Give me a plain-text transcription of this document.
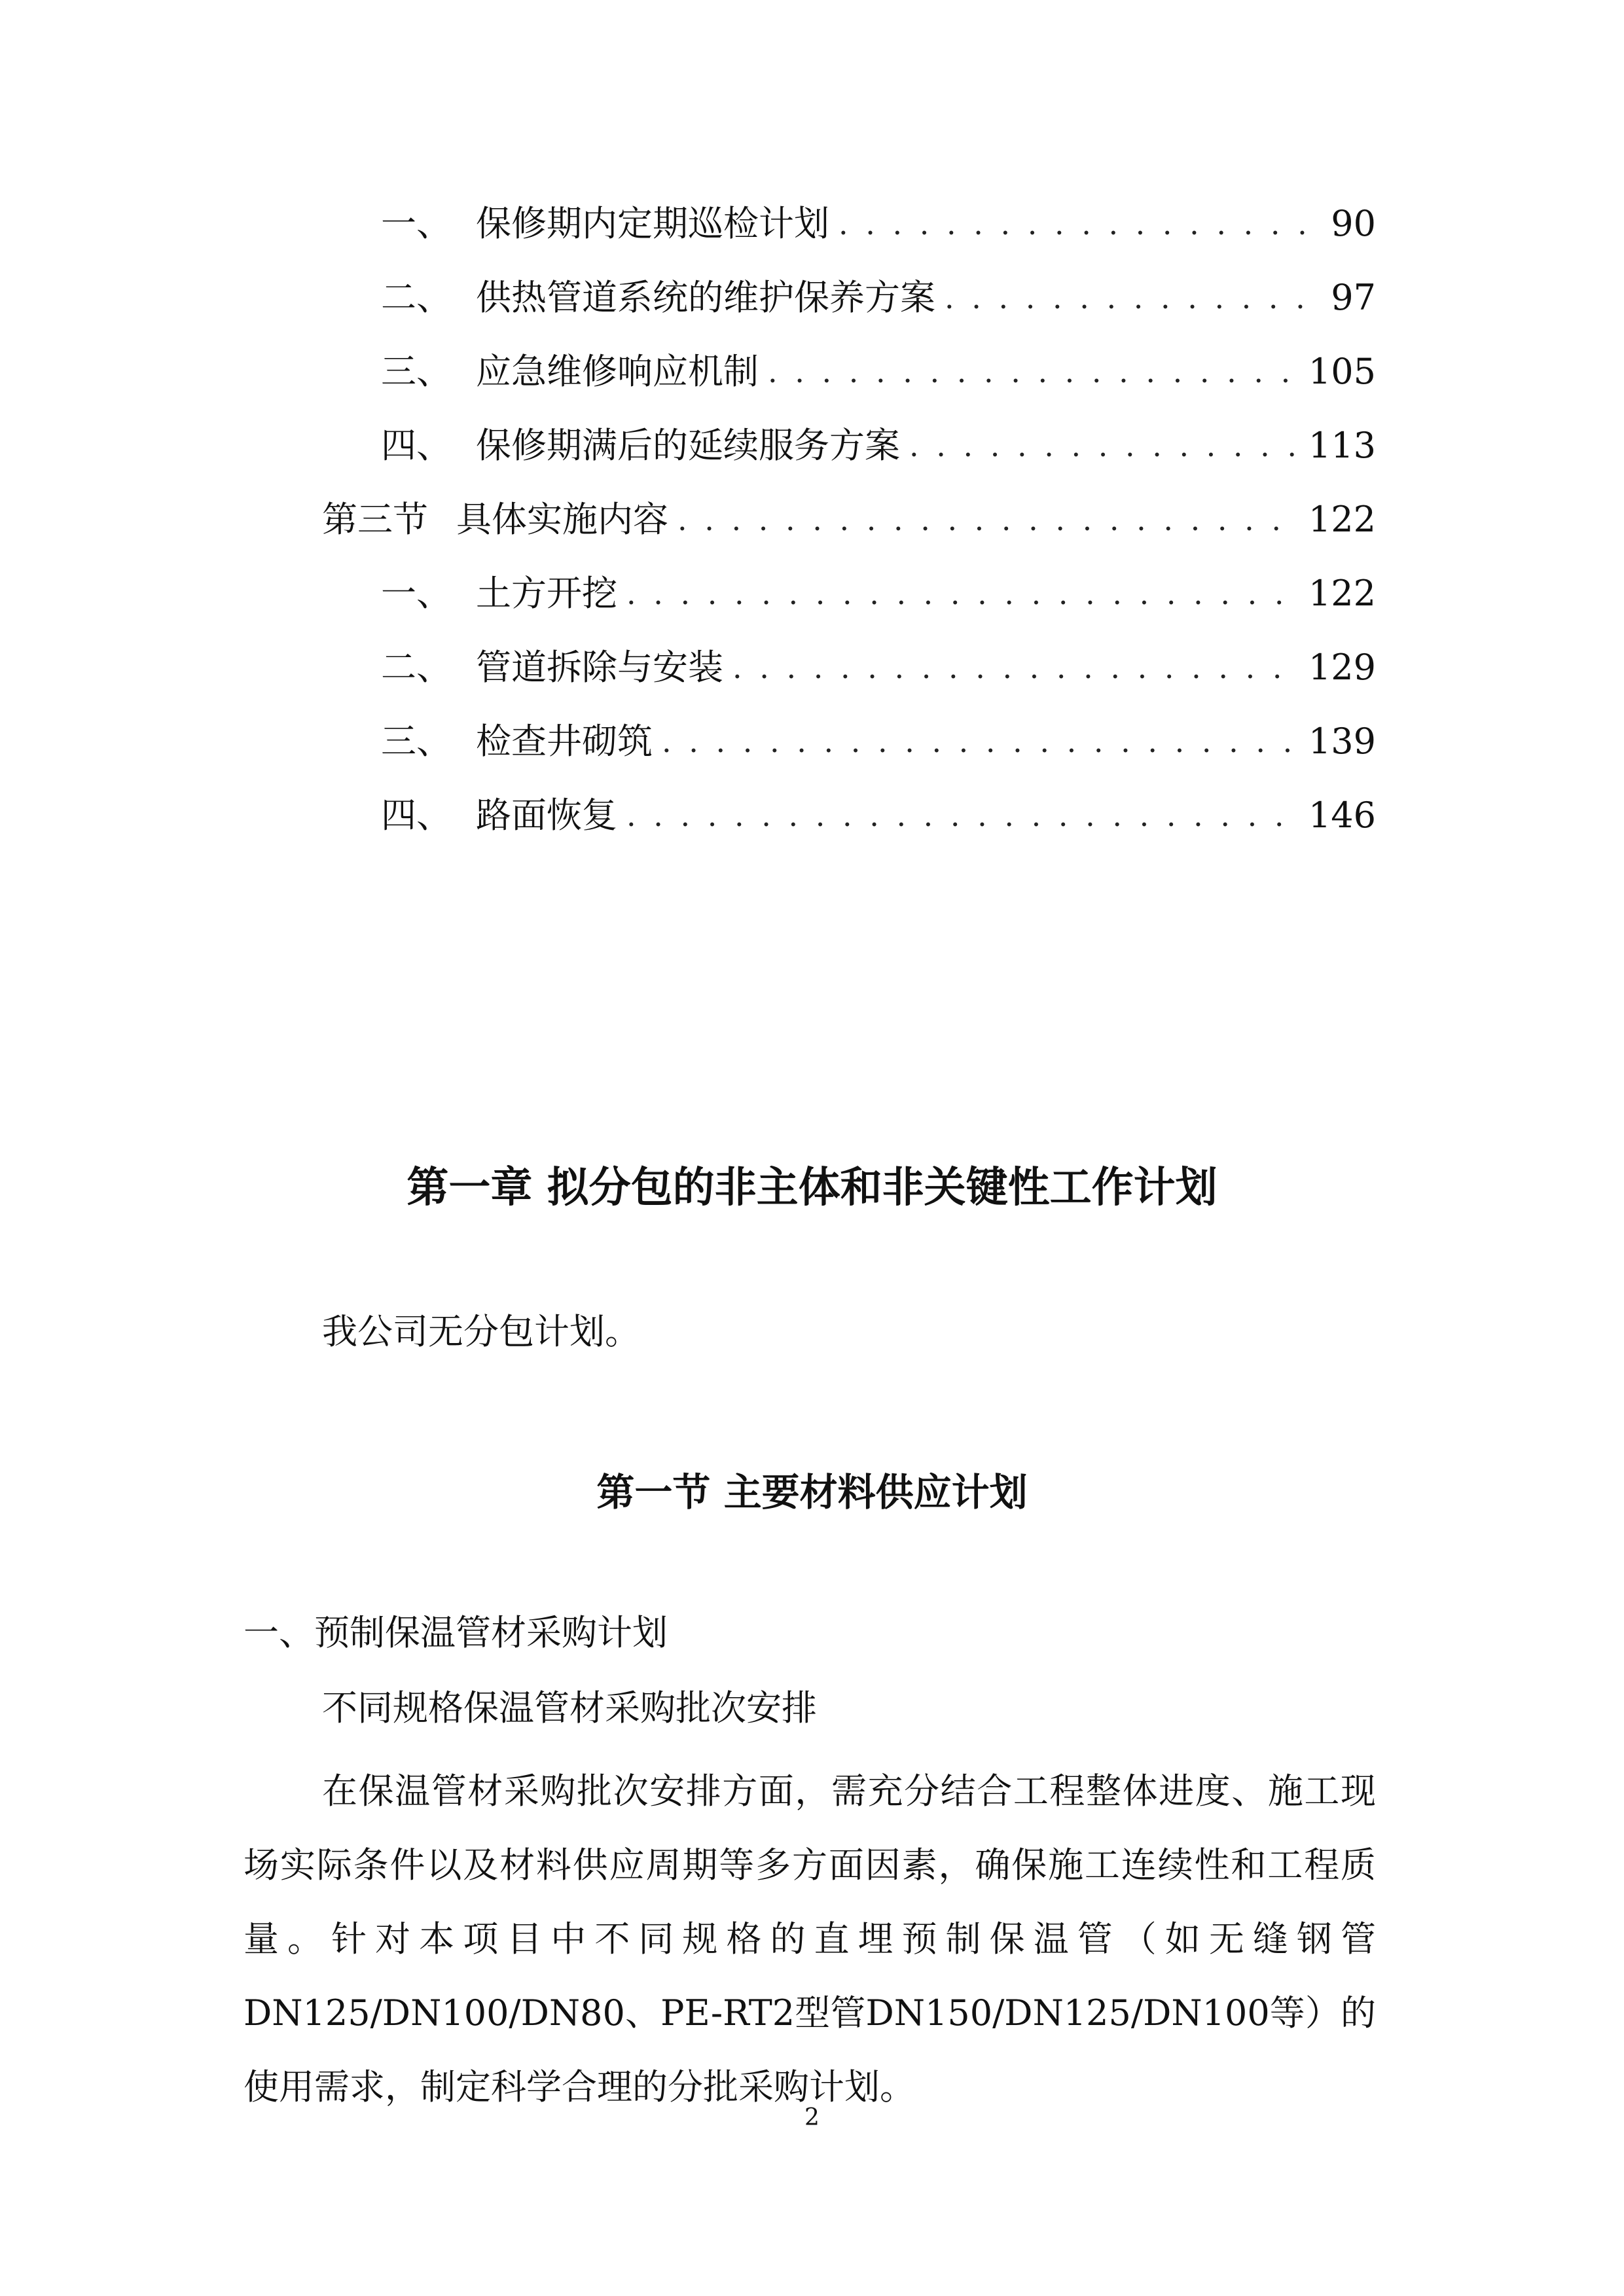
一、 保修期内定期巡检计划 . . .	90
二、 供热管道系统的维护保养方案 . . .	97
三、 应急维修响应机制 . . .	105
四、 保修期满后的延续服务方案 . . .	113
第三节 具体实施内容 . . .	122
一、 土方开挖 . . .	122
二、 管道拆除与安装 . . .	129
三、 检查井砌筑 . . .	139
四、 路面恢复 . . .	146
第一章 拟分包的非主体和非关键性工作计划
我公司无分包计划。
第一节 主要材料供应计划
一、预制保温管材采购计划
不同规格保温管材采购批次安排
在保温管材采购批次安排方面，需充分结合工程整体进度、施工现场实际条件以及材料供应周期等多方面因素，确保施工连续性和工程质量。针对本项目中不同规格的直埋预制保温管（如无缝钢管DN125/DN100/DN80、PE-RT2型管DN150/DN125/DN100等）的使用需求，制定科学合理的分批采购计划。
2
